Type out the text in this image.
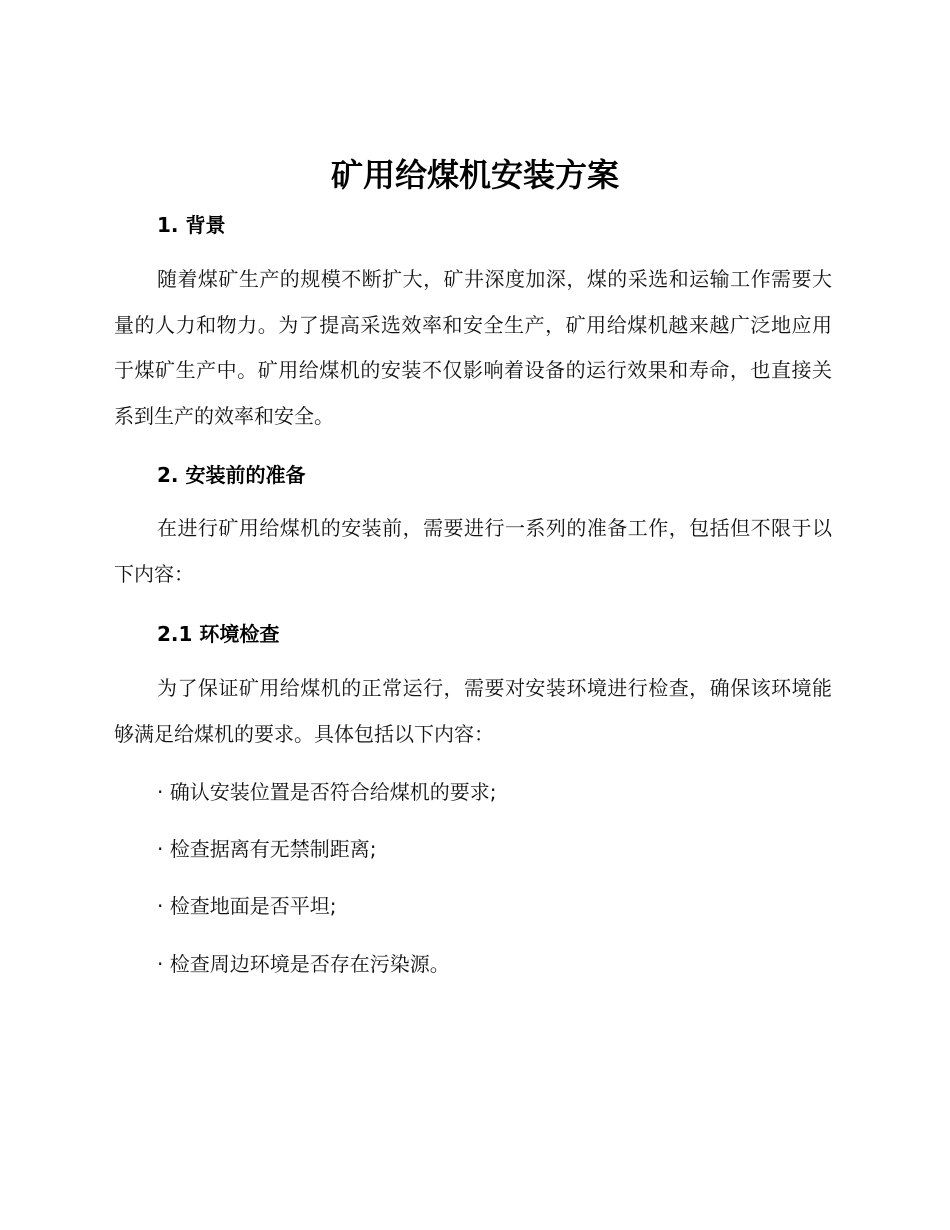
矿用给煤机安装方案
1. 背景

随着煤矿生产的规模不断扩大，矿井深度加深，煤的采选和运输工作需要大量的人力和物力。为了提高采选效率和安全生产，矿用给煤机越来越广泛地应用于煤矿生产中。矿用给煤机的安装不仅影响着设备的运行效果和寿命，也直接关系到生产的效率和安全。

2. 安装前的准备

在进行矿用给煤机的安装前，需要进行一系列的准备工作，包括但不限于以下内容：

2.1 环境检查

为了保证矿用给煤机的正常运行，需要对安装环境进行检查，确保该环境能够满足给煤机的要求。具体包括以下内容：

· 确认安装位置是否符合给煤机的要求;
· 检查据离有无禁制距离;
· 检查地面是否平坦;
· 检查周边环境是否存在污染源。
